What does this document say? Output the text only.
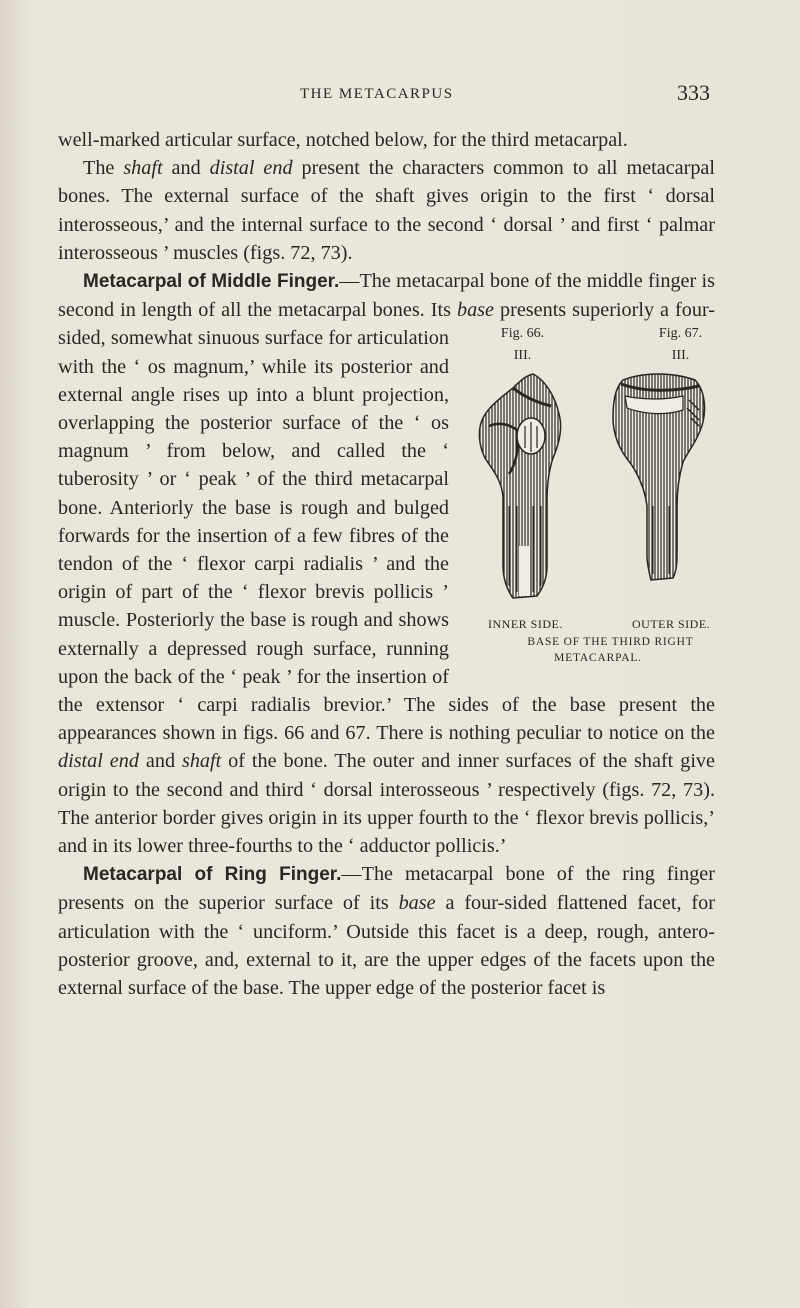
THE METACARPUS	333

well-marked articular surface, notched below, for the third metacarpal.

The shaft and distal end present the characters common to all metacarpal bones. The external surface of the shaft gives origin to the first ‘ dorsal interosseous,’ and the internal surface to the second ‘ dorsal ’ and first ‘ palmar interosseous ’ muscles (figs. 72, 73).

Metacarpal of Middle Finger.—The metacarpal bone of the middle finger is second in length of all the metacarpal bones. Its base
Fig. 66.
III.
Fig. 67.
III.
INNER SIDE.	OUTER SIDE.
BASE OF THE THIRD RIGHT
METACARPAL.
presents superiorly a four-sided, somewhat sinuous surface for articulation with the ‘ os magnum,’ while its posterior and external angle rises up into a blunt projection, overlapping the posterior surface of the ‘ os magnum ’ from below, and called the ‘ tuberosity ’ or ‘ peak ’ of the third metacarpal bone. Anteriorly the base is rough and bulged forwards for the insertion of a few fibres of the tendon of the ‘ flexor carpi radialis ’ and the origin of part of the ‘ flexor brevis pollicis ’ muscle. Posteriorly the base is rough and shows externally a depressed rough surface, running upon the back of the ‘ peak ’ for the insertion of the extensor ‘ carpi radialis brevior.’ The sides of the base present the appearances shown in figs. 66 and 67. There is nothing peculiar to notice on the distal end and shaft of the bone. The outer and inner surfaces of the shaft give origin to the second and third ‘ dorsal interosseous ’ respectively (figs. 72, 73). The anterior border gives origin in its upper fourth to the ‘ flexor brevis pollicis,’ and in its lower three-fourths to the ‘ adductor pollicis.’

Metacarpal of Ring Finger.—The metacarpal bone of the ring finger presents on the superior surface of its base a four-sided flattened facet, for articulation with the ‘ unciform.’ Outside this facet is a deep, rough, antero-posterior groove, and, external to it, are the upper edges of the facets upon the external surface of the base. The upper edge of the posterior facet is
